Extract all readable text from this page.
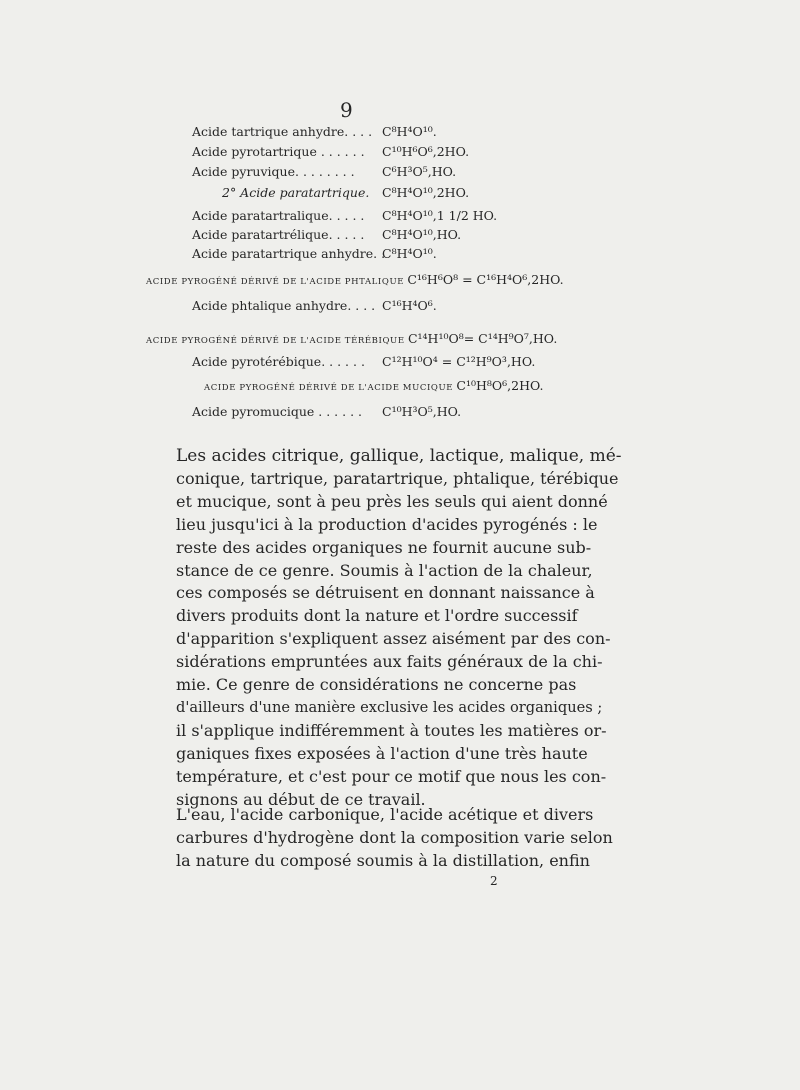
9
Acide tartrique anhydre. . . . C⁸H⁴O¹⁰.
Acide pyrotartrique . . . . . . C¹⁰H⁶O⁶,2HO.
Acide pyruvique. . . . . . . . C⁶H³O⁵,HO.
2° Acide paratartrique. C⁸H⁴O¹⁰,2HO.
Acide paratartralique. . . . . C⁸H⁴O¹⁰,1 1/2 HO.
Acide paratartrélique. . . . . C⁸H⁴O¹⁰,HO.
Acide paratartrique anhydre. .
C⁸H⁴O¹⁰.
ACIDE PYROGÉNÉ DÉRIVÉ DE L'ACIDE PHTALIQUE C¹⁶H⁶O⁸ = C¹⁶H⁴O⁶,2HO.
Acide phtalique anhydre. . . . C¹⁶H⁴O⁶.
ACIDE PYROGÉNÉ DÉRIVÉ DE L'ACIDE TÉRÉBIQUE C¹⁴H¹⁰O⁸= C¹⁴H⁹O⁷,HO.
Acide pyrotérébique. . . . . . C¹²H¹⁰O⁴ = C¹²H⁹O³,HO.
ACIDE PYROGÉNÉ DÉRIVÉ DE L'ACIDE MUCIQUE C¹⁰H⁸O⁶,2HO.
Acide pyromucique . . . . . . C¹⁰H³O⁵,HO.
Les acides citrique, gallique, lactique, malique, mé-
conique, tartrique, paratartrique, phtalique, térébique
et mucique, sont à peu près les seuls qui aient donné
lieu jusqu'ici à la production d'acides pyrogénés : le
reste des acides organiques ne fournit aucune sub-
stance de ce genre. Soumis à l'action de la chaleur,
ces composés se détruisent en donnant naissance à
divers produits dont la nature et l'ordre successif
d'apparition s'expliquent assez aisément par des con-
sidérations empruntées aux faits généraux de la chi-
mie. Ce genre de considérations ne concerne pas
d'ailleurs d'une manière exclusive les acides organiques ;
il s'applique indifféremment à toutes les matières or-
ganiques fixes exposées à l'action d'une très haute
température, et c'est pour ce motif que nous les con-
signons au début de ce travail.
L'eau, l'acide carbonique, l'acide acétique et divers
carbures d'hydrogène dont la composition varie selon
la nature du composé soumis à la distillation, enfin
2
